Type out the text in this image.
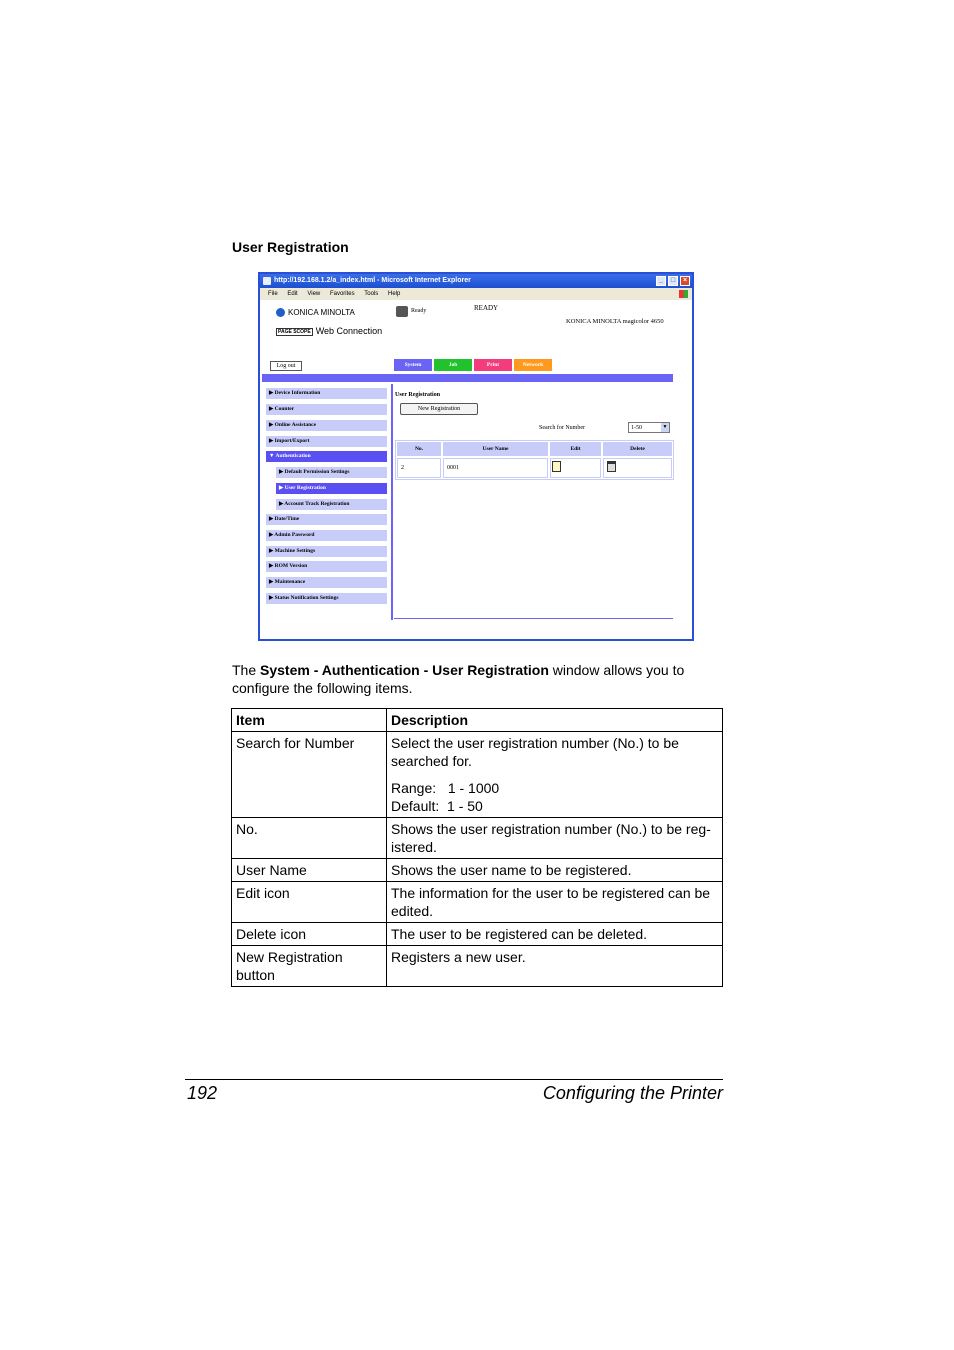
User Registration
http://192.168.1.2/a_index.html - Microsoft Internet Explorer	_	□	×
File Edit View Favorites Tools Help
KONICA MINOLTA
PAGE SCOPE Web Connection
Ready	READY
KONICA MINOLTA magicolor 4650
Log out	System	Job	Print	Network
▶ Device Information
▶ Counter
▶ Online Assistance
▶ Import/Export
▼ Authentication
▶ Default Permission Settings
▶ User Registration
▶ Account Track Registration
▶ Date/Time
▶ Admin Password
▶ Machine Settings
▶ ROM Version
▶ Maintenance
▶ Status Notification Settings
User Registration
New Registration
Search for Number	1-50	▼
No.	User Name	Edit	Delete
2	0001
The System - Authentication - User Registration window allows you to configure the following items.
Item	Description
Search for Number	Select the user registration number (No.) to be searched for.

Range:   1 - 1000

Default:  1 - 50

No.	Shows the user registration number (No.) to be reg-istered.
User Name	Shows the user name to be registered.
Edit icon	The information for the user to be registered can be edited.
Delete icon	The user to be registered can be deleted.
New Registration button	Registers a new user.
192	Configuring the Printer
